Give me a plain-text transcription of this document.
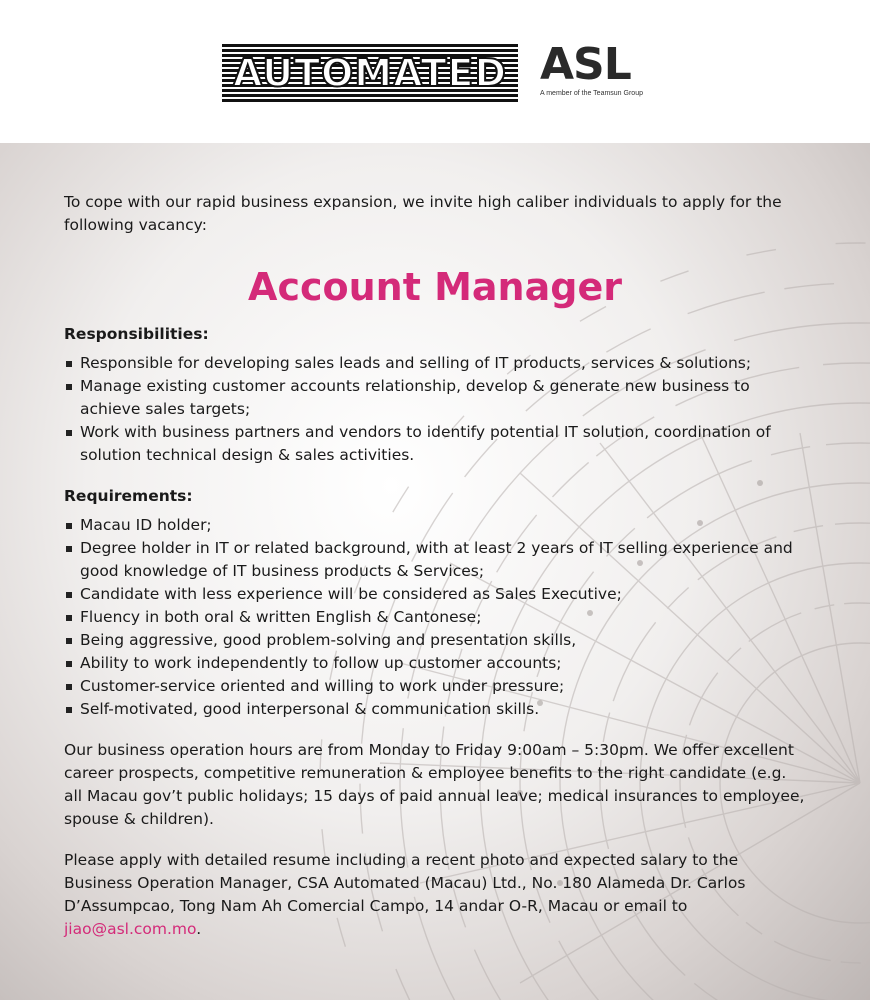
AUTOMATED ASL
A member of the Teamsun Group

To cope with our rapid business expansion, we invite high caliber individuals to apply for the following vacancy:

Account Manager
Responsibilities:
Responsible for developing sales leads and selling of IT products, services & solutions;
Manage existing customer accounts relationship, develop & generate new business to achieve sales targets;
Work with business partners and vendors to identify potential IT solution, coordination of solution technical design & sales activities.
Requirements:
Macau ID holder;
Degree holder in IT or related background, with at least 2 years of IT selling experience and good knowledge of IT business products & Services;
Candidate with less experience will be considered as Sales Executive;
Fluency in both oral & written English & Cantonese;
Being aggressive, good problem-solving and presentation skills,
Ability to work independently to follow up customer accounts;
Customer-service oriented and willing to work under pressure;
Self-motivated, good interpersonal & communication skills.

Our business operation hours are from Monday to Friday 9:00am – 5:30pm. We offer excellent career prospects, competitive remuneration & employee benefits to the right candidate (e.g. all Macau gov’t public holidays; 15 days of paid annual leave; medical insurances to employee, spouse & children).

Please apply with detailed resume including a recent photo and expected salary to the Business Operation Manager, CSA Automated (Macau) Ltd., No. 180 Alameda Dr. Carlos D’Assumpcao, Tong Nam Ah Comercial Campo, 14 andar O-R, Macau or email to jiao@asl.com.mo.
